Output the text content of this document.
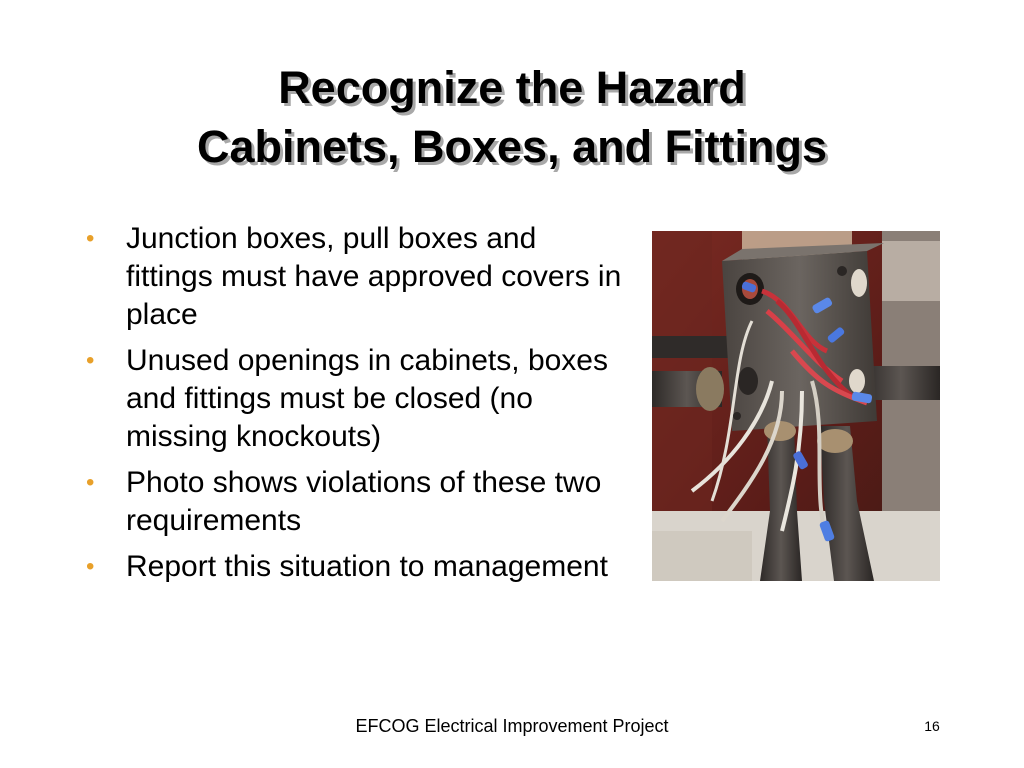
Recognize the Hazard
Cabinets, Boxes, and Fittings
•	Junction boxes, pull boxes and fittings must have approved covers in place
•	Unused openings in cabinets, boxes and fittings must be closed (no missing knockouts)
•	Photo shows violations of these two requirements
•	Report this situation to management
EFCOG Electrical Improvement Project	16
